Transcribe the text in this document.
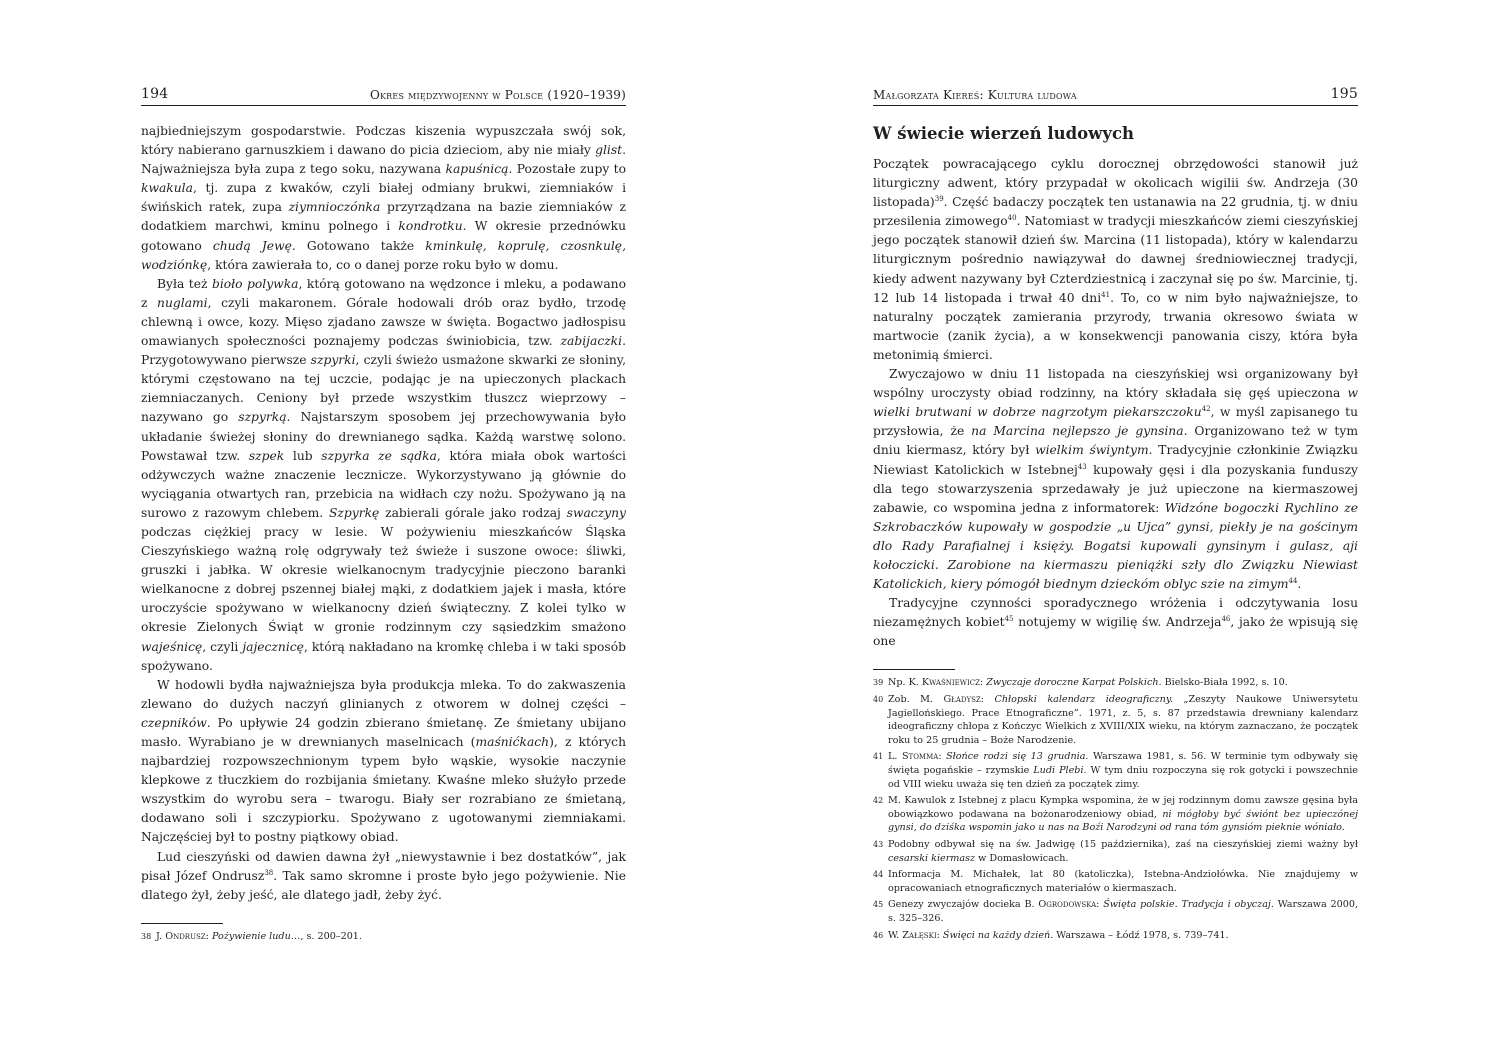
194	Okres międzywojenny w Polsce (1920–1939)

najbiedniejszym gospodarstwie. Podczas kiszenia wypuszczała swój sok, który nabierano garnuszkiem i dawano do picia dzieciom, aby nie miały glist. Najważniejsza była zupa z tego soku, nazywana kapuśnicą. Pozostałe zupy to kwakula, tj. zupa z kwaków, czyli białej odmiany brukwi, ziemniaków i świńskich ratek, zupa ziymnioczónka przyrządzana na bazie ziemniaków z dodatkiem marchwi, kminu polnego i kondrotku. W okresie przednówku gotowano chudą Jewę. Gotowano także kminkulę, koprulę, czosnkulę, wodziónkę, która zawierała to, co o danej porze roku było w domu.

Była też bioło polywka, którą gotowano na wędzonce i mleku, a podawano z nuglami, czyli makaronem. Górale hodowali drób oraz bydło, trzodę chlewną i owce, kozy. Mięso zjadano zawsze w święta. Bogactwo jadłospisu omawianych społeczności poznajemy podczas świniobicia, tzw. zabijaczki. Przygotowywano pierwsze szpyrki, czyli świeżo usmażone skwarki ze słoniny, którymi częstowano na tej uczcie, podając je na upieczonych plackach ziemniaczanych. Ceniony był przede wszystkim tłuszcz wieprzowy – nazywano go szpyrką. Najstarszym sposobem jej przechowywania było układanie świeżej słoniny do drewnianego sądka. Każdą warstwę solono. Powstawał tzw. szpek lub szpyrka ze sądka, która miała obok wartości odżywczych ważne znaczenie lecznicze. Wykorzystywano ją głównie do wyciągania otwartych ran, przebicia na widłach czy nożu. Spożywano ją na surowo z razowym chlebem. Szpyrkę zabierali górale jako rodzaj swaczyny podczas ciężkiej pracy w lesie. W pożywieniu mieszkańców Śląska Cieszyńskiego ważną rolę odgrywały też świeże i suszone owoce: śliwki, gruszki i jabłka. W okresie wielkanocnym tradycyjnie pieczono baranki wielkanocne z dobrej pszennej białej mąki, z dodatkiem jajek i masła, które uroczyście spożywano w wielkanocny dzień świąteczny. Z kolei tylko w okresie Zielonych Świąt w gronie rodzinnym czy sąsiedzkim smażono wajeśnicę, czyli jajecznicę, którą nakładano na kromkę chleba i w taki sposób spożywano.

W hodowli bydła najważniejsza była produkcja mleka. To do zakwaszenia zlewano do dużych naczyń glinianych z otworem w dolnej części – czepników. Po upływie 24 godzin zbierano śmietanę. Ze śmietany ubijano masło. Wyrabiano je w drewnianych maselnicach (maśnićkach), z których najbardziej rozpowszechnionym typem było wąskie, wysokie naczynie klepkowe z tłuczkiem do rozbijania śmietany. Kwaśne mleko służyło przede wszystkim do wyrobu sera – twarogu. Biały ser rozrabiano ze śmietaną, dodawano soli i szczypiorku. Spożywano z ugotowanymi ziemniakami. Najczęściej był to postny piątkowy obiad.

Lud cieszyński od dawien dawna żył „niewystawnie i bez dostatków”, jak pisał Józef Ondrusz$^{38}$. Tak samo skromne i proste było jego pożywienie. Nie dlatego żył, żeby jeść, ale dlatego jadł, żeby żyć.

38 J. Ondrusz: Pożywienie ludu…, s. 200–201.
Małgorzata Kiereś: Kultura ludowa	195
W świecie wierzeń ludowych

Początek powracającego cyklu dorocznej obrzędowości stanowił już liturgiczny adwent, który przypadał w okolicach wigilii św. Andrzeja (30 listopada)$^{39}$. Część badaczy początek ten ustanawia na 22 grudnia, tj. w dniu przesilenia zimowego$^{40}$. Natomiast w tradycji mieszkańców ziemi cieszyńskiej jego początek stanowił dzień św. Marcina (11 listopada), który w kalendarzu liturgicznym pośrednio nawiązywał do dawnej średniowiecznej tradycji, kiedy adwent nazywany był Czterdziestnicą i zaczynał się po św. Marcinie, tj. 12 lub 14 listopada i trwał 40 dni$^{41}$. To, co w nim było najważniejsze, to naturalny początek zamierania przyrody, trwania okresowo świata w martwocie (zanik życia), a w konsekwencji panowania ciszy, która była metonimią śmierci.

Zwyczajowo w dniu 11 listopada na cieszyńskiej wsi organizowany był wspólny uroczysty obiad rodzinny, na który składała się gęś upieczona w wielki brutwani w dobrze nagrzotym piekarszczoku$^{42}$, w myśl zapisanego tu przysłowia, że na Marcina nejlepszo je gynsina. Organizowano też w tym dniu kiermasz, który był wielkim świyntym. Tradycyjnie członkinie Związku Niewiast Katolickich w Istebnej$^{43}$ kupowały gęsi i dla pozyskania funduszy dla tego stowarzyszenia sprzedawały je już upieczone na kiermaszowej zabawie, co wspomina jedna z informatorek: Widzóne bogoczki Rychlino ze Szkrobaczków kupowały w gospodzie „u Ujca” gynsi, piekły je na gościnym dlo Rady Parafialnej i księży. Bogatsi kupowali gynsinym i gulasz, aji kołoczicki. Zarobione na kiermaszu pieniążki szły dlo Związku Niewiast Katolickich, kiery pómogół biednym dzieckóm oblyc szie na zimym$^{44}$.

Tradycyjne czynności sporadycznego wróżenia i odczytywania losu niezamężnych kobiet$^{45}$ notujemy w wigilię św. Andrzeja$^{46}$, jako że wpisują się one

39 Np. K. Kwaśniewicz: Zwyczaje doroczne Karpat Polskich. Bielsko-Biała 1992, s. 10.
40 Zob. M. Gładysz: Chłopski kalendarz ideograficzny. „Zeszyty Naukowe Uniwersytetu Jagiellońskiego. Prace Etnograficzne”. 1971, z. 5, s. 87 przedstawia drewniany kalendarz ideograficzny chłopa z Kończyc Wielkich z XVIII/XIX wieku, na którym zaznaczano, że początek roku to 25 grudnia – Boże Narodzenie.
41 L. Stomma: Słońce rodzi się 13 grudnia. Warszawa 1981, s. 56. W terminie tym odbywały się święta pogańskie – rzymskie Ludi Plebi. W tym dniu rozpoczyna się rok gotycki i powszechnie od VIII wieku uważa się ten dzień za początek zimy.
42 M. Kawulok z Istebnej z placu Kympka wspomina, że w jej rodzinnym domu zawsze gęsina była obowiązkowo podawana na bożonarodzeniowy obiad, ni mógłoby być świónt bez upieczónej gynsi, do dziśka wspomin jako u nas na Boźi Narodzyni od rana tóm gynsióm pieknie wóniało.
43 Podobny odbywał się na św. Jadwigę (15 października), zaś na cieszyńskiej ziemi ważny był cesarski kiermasz w Domasłowicach.
44 Informacja M. Michałek, lat 80 (katoliczka), Istebna-Andziołówka. Nie znajdujemy w opracowaniach etnograficznych materiałów o kiermaszach.
45 Genezy zwyczajów docieka B. Ogrodowska: Święta polskie. Tradycja i obyczaj. Warszawa 2000, s. 325–326.
46 W. Załęski: Święci na każdy dzień. Warszawa – Łódź 1978, s. 739–741.
